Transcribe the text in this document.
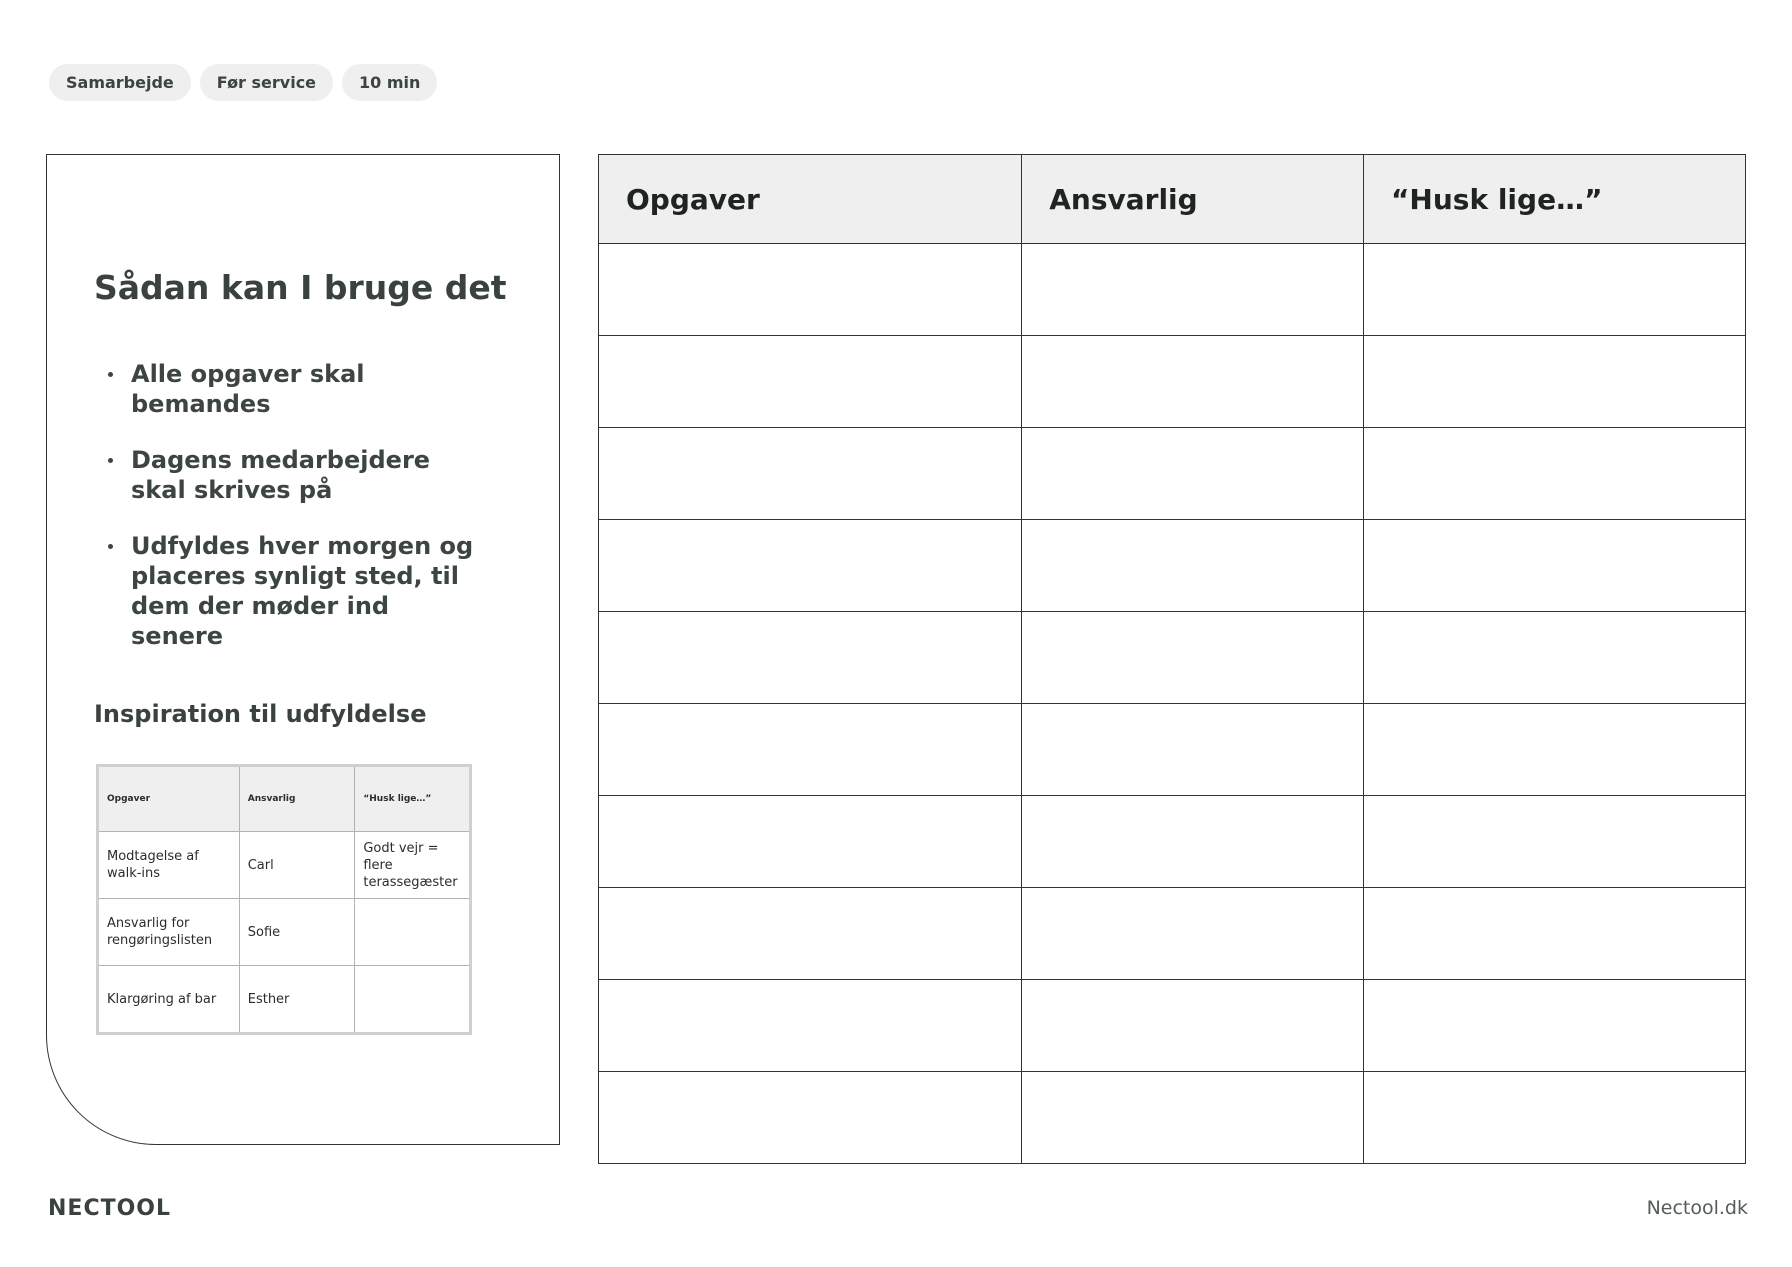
Samarbejde	Før service	10 min
Sådan kan I bruge det
Alle opgaver skal bemandes
Dagens medarbejdere skal skrives på
Udfyldes hver morgen og placeres synligt sted, til dem der møder ind senere
Inspiration til udfyldelse
Opgaver	Ansvarlig	“Husk lige…”
Modtagelse af walk-ins	Carl	Godt vejr = flere terassegæster
Ansvarlig for rengøringslisten	Sofie	
Klargøring af bar	Esther	
Opgaver	Ansvarlig	“Husk lige…”

NECTOOL	Nectool.dk
